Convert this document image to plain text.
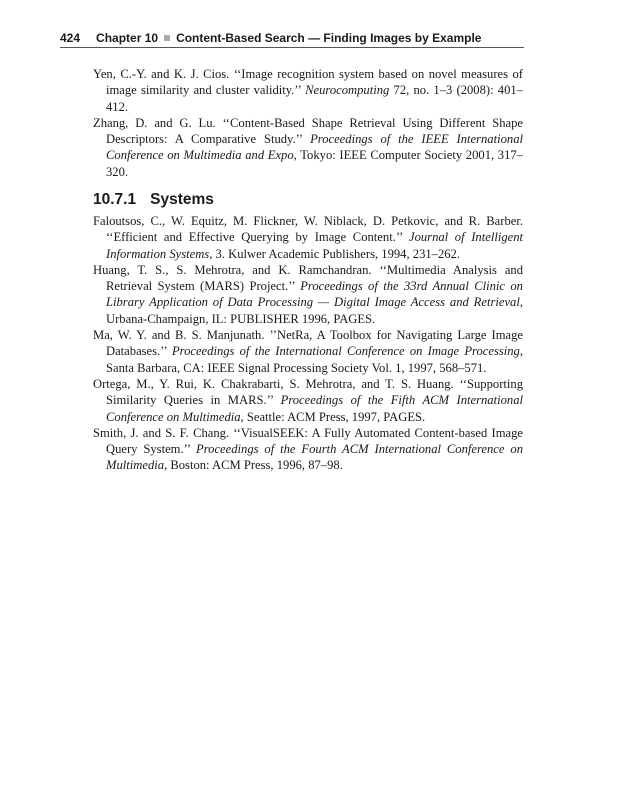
424 Chapter 10 Content-Based Search — Finding Images by Example

Yen, C.-Y. and K. J. Cios. ‘‘Image recognition system based on novel measures of image similarity and cluster validity.’’ Neurocomputing 72, no. 1–3 (2008): 401–412.

Zhang, D. and G. Lu. ‘‘Content-Based Shape Retrieval Using Different Shape Descriptors: A Comparative Study.’’ Proceedings of the IEEE International Conference on Multimedia and Expo, Tokyo: IEEE Computer Society 2001, 317–320.

10.7.1 Systems

Faloutsos, C., W. Equitz, M. Flickner, W. Niblack, D. Petkovic, and R. Barber. ‘‘Efficient and Effective Querying by Image Content.’’ Journal of Intelligent Information Systems, 3. Kulwer Academic Publishers, 1994, 231–262.

Huang, T. S., S. Mehrotra, and K. Ramchandran. ‘‘Multimedia Analysis and Retrieval System (MARS) Project.’’ Proceedings of the 33rd Annual Clinic on Library Application of Data Processing — Digital Image Access and Retrieval, Urbana-Champaign, IL: PUBLISHER 1996, PAGES.

Ma, W. Y. and B. S. Manjunath. ’’NetRa, A Toolbox for Navigating Large Image Databases.’’ Proceedings of the International Conference on Image Processing, Santa Barbara, CA: IEEE Signal Processing Society Vol. 1, 1997, 568–571.

Ortega, M., Y. Rui, K. Chakrabarti, S. Mehrotra, and T. S. Huang. ‘‘Supporting Similarity Queries in MARS.’’ Proceedings of the Fifth ACM International Conference on Multimedia, Seattle: ACM Press, 1997, PAGES.

Smith, J. and S. F. Chang. ‘‘VisualSEEK: A Fully Automated Content-based Image Query System.’’ Proceedings of the Fourth ACM International Conference on Multimedia, Boston: ACM Press, 1996, 87–98.
